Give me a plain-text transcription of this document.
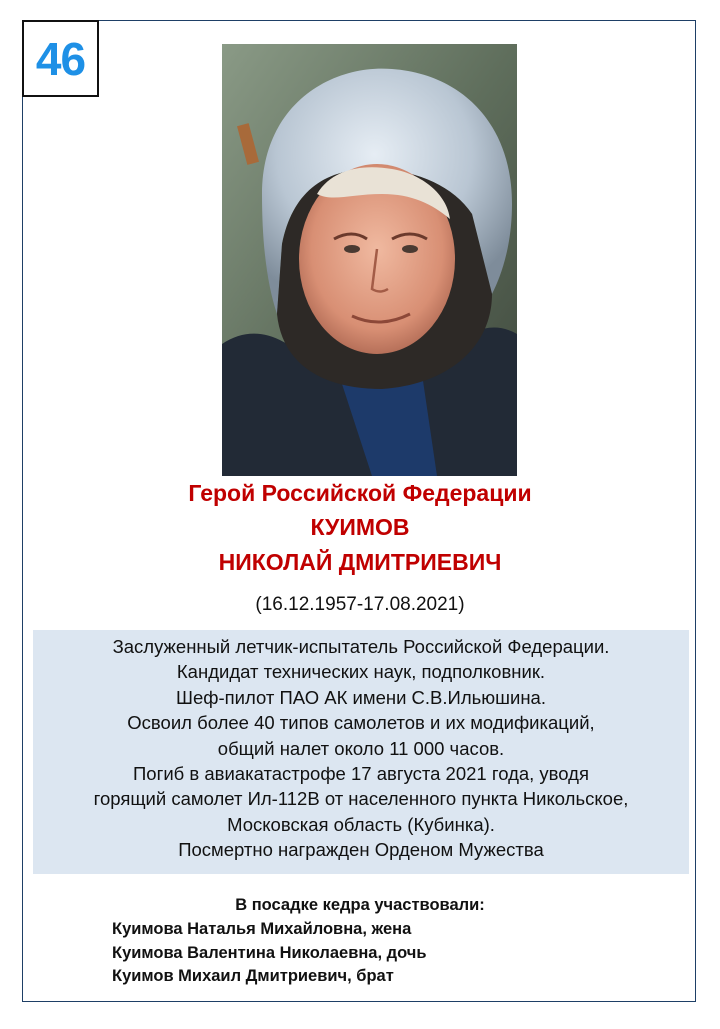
46
Герой Российской Федерации
КУИМОВ
НИКОЛАЙ ДМИТРИЕВИЧ
(16.12.1957-17.08.2021)
Заслуженный летчик-испытатель Российской Федерации.
Кандидат технических наук, подполковник.
Шеф-пилот ПАО АК имени С.В.Ильюшина.
Освоил более 40 типов самолетов и их модификаций,
общий налет около 11 000 часов.
Погиб в авиакатастрофе 17 августа 2021 года, уводя
горящий самолет Ил-112В от населенного пункта Никольское,
Московская область (Кубинка).
Посмертно награжден Орденом Мужества
В посадке кедра участвовали:
Куимова Наталья Михайловна, жена
Куимова Валентина Николаевна, дочь
Куимов Михаил Дмитриевич, брат
